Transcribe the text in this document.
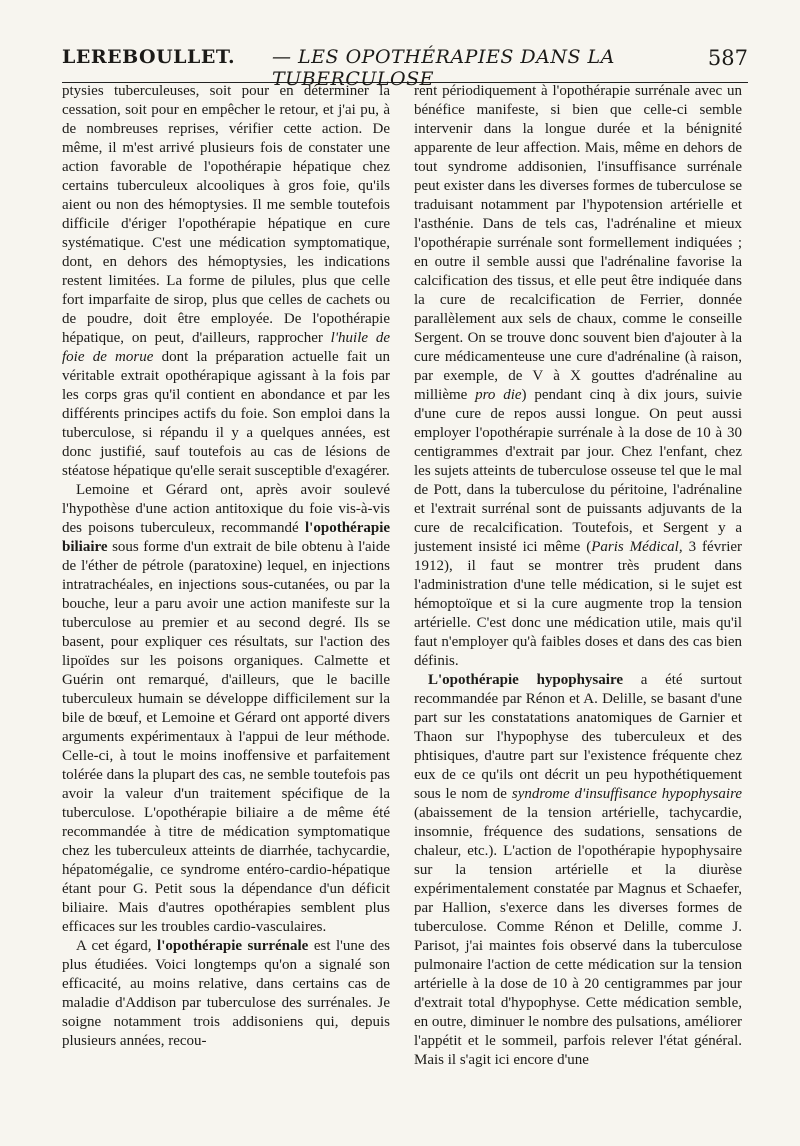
LEREBOULLET. — LES OPOTHÉRAPIES DANS LA TUBERCULOSE
587

ptysies tuberculeuses, soit pour en déterminer la cessation, soit pour en empêcher le retour, et j'ai pu, à de nombreuses reprises, vérifier cette action. De même, il m'est arrivé plusieurs fois de constater une action favorable de l'opothérapie hépatique chez certains tuberculeux alcooliques à gros foie, qu'ils aient ou non des hémoptysies. Il me semble toutefois difficile d'ériger l'opothérapie hépatique en cure systématique. C'est une médication symptomatique, dont, en dehors des hémoptysies, les indications restent limitées. La forme de pilules, plus que celle fort imparfaite de sirop, plus que celles de cachets ou de poudre, doit être employée. De l'opothérapie hépatique, on peut, d'ailleurs, rapprocher l'huile de foie de morue dont la préparation actuelle fait un véritable extrait opothérapique agissant à la fois par les corps gras qu'il contient en abondance et par les différents principes actifs du foie. Son emploi dans la tuberculose, si répandu il y a quelques années, est donc justifié, sauf toutefois au cas de lésions de stéatose hépatique qu'elle serait susceptible d'exagérer.

Lemoine et Gérard ont, après avoir soulevé l'hypothèse d'une action antitoxique du foie vis-à-vis des poisons tuberculeux, recommandé l'opothérapie biliaire sous forme d'un extrait de bile obtenu à l'aide de l'éther de pétrole (paratoxine) lequel, en injections intratrachéales, en injections sous-cutanées, ou par la bouche, leur a paru avoir une action manifeste sur la tuberculose au premier et au second degré. Ils se basent, pour expliquer ces résultats, sur l'action des lipoïdes sur les poisons organiques. Calmette et Guérin ont remarqué, d'ailleurs, que le bacille tuberculeux humain se développe difficilement sur la bile de bœuf, et Lemoine et Gérard ont apporté divers arguments expérimentaux à l'appui de leur méthode. Celle-ci, à tout le moins inoffensive et parfaitement tolérée dans la plupart des cas, ne semble toutefois pas avoir la valeur d'un traitement spécifique de la tuberculose. L'opothérapie biliaire a de même été recommandée à titre de médication symptomatique chez les tuberculeux atteints de diarrhée, tachycardie, hépatomégalie, ce syndrome entéro-cardio-hépatique étant pour G. Petit sous la dépendance d'un déficit biliaire. Mais d'autres opothérapies semblent plus efficaces sur les troubles cardio-vasculaires.

A cet égard, l'opothérapie surrénale est l'une des plus étudiées. Voici longtemps qu'on a signalé son efficacité, au moins relative, dans certains cas de maladie d'Addison par tuberculose des surrénales. Je soigne notamment trois addisoniens qui, depuis plusieurs années, recou-

rent périodiquement à l'opothérapie surrénale avec un bénéfice manifeste, si bien que celle-ci semble intervenir dans la longue durée et la bénignité apparente de leur affection. Mais, même en dehors de tout syndrome addisonien, l'insuffisance surrénale peut exister dans les diverses formes de tuberculose se traduisant notamment par l'hypotension artérielle et l'asthénie. Dans de tels cas, l'adrénaline et mieux l'opothérapie surrénale sont formellement indiquées ; en outre il semble aussi que l'adrénaline favorise la calcification des tissus, et elle peut être indiquée dans la cure de recalcification de Ferrier, donnée parallèlement aux sels de chaux, comme le conseille Sergent. On se trouve donc souvent bien d'ajouter à la cure médicamenteuse une cure d'adrénaline (à raison, par exemple, de V à X gouttes d'adrénaline au millième pro die) pendant cinq à dix jours, suivie d'une cure de repos aussi longue. On peut aussi employer l'opothérapie surrénale à la dose de 10 à 30 centigrammes d'extrait par jour. Chez l'enfant, chez les sujets atteints de tuberculose osseuse tel que le mal de Pott, dans la tuberculose du péritoine, l'adrénaline et l'extrait surrénal sont de puissants adjuvants de la cure de recalcification. Toutefois, et Sergent y a justement insisté ici même (Paris Médical, 3 février 1912), il faut se montrer très prudent dans l'administration d'une telle médication, si le sujet est hémoptoïque et si la cure augmente trop la tension artérielle. C'est donc une médication utile, mais qu'il faut n'employer qu'à faibles doses et dans des cas bien définis.

L'opothérapie hypophysaire a été surtout recommandée par Rénon et A. Delille, se basant d'une part sur les constatations anatomiques de Garnier et Thaon sur l'hypophyse des tuberculeux et des phtisiques, d'autre part sur l'existence fréquente chez eux de ce qu'ils ont décrit un peu hypothétiquement sous le nom de syndrome d'insuffisance hypophysaire (abaissement de la tension artérielle, tachycardie, insomnie, fréquence des sudations, sensations de chaleur, etc.). L'action de l'opothérapie hypophysaire sur la tension artérielle et la diurèse expérimentalement constatée par Magnus et Schaefer, par Hallion, s'exerce dans les diverses formes de tuberculose. Comme Rénon et Delille, comme J. Parisot, j'ai maintes fois observé dans la tuberculose pulmonaire l'action de cette médication sur la tension artérielle à la dose de 10 à 20 centigrammes par jour d'extrait total d'hypophyse. Cette médication semble, en outre, diminuer le nombre des pulsations, améliorer l'appétit et le sommeil, parfois relever l'état général. Mais il s'agit ici encore d'une
